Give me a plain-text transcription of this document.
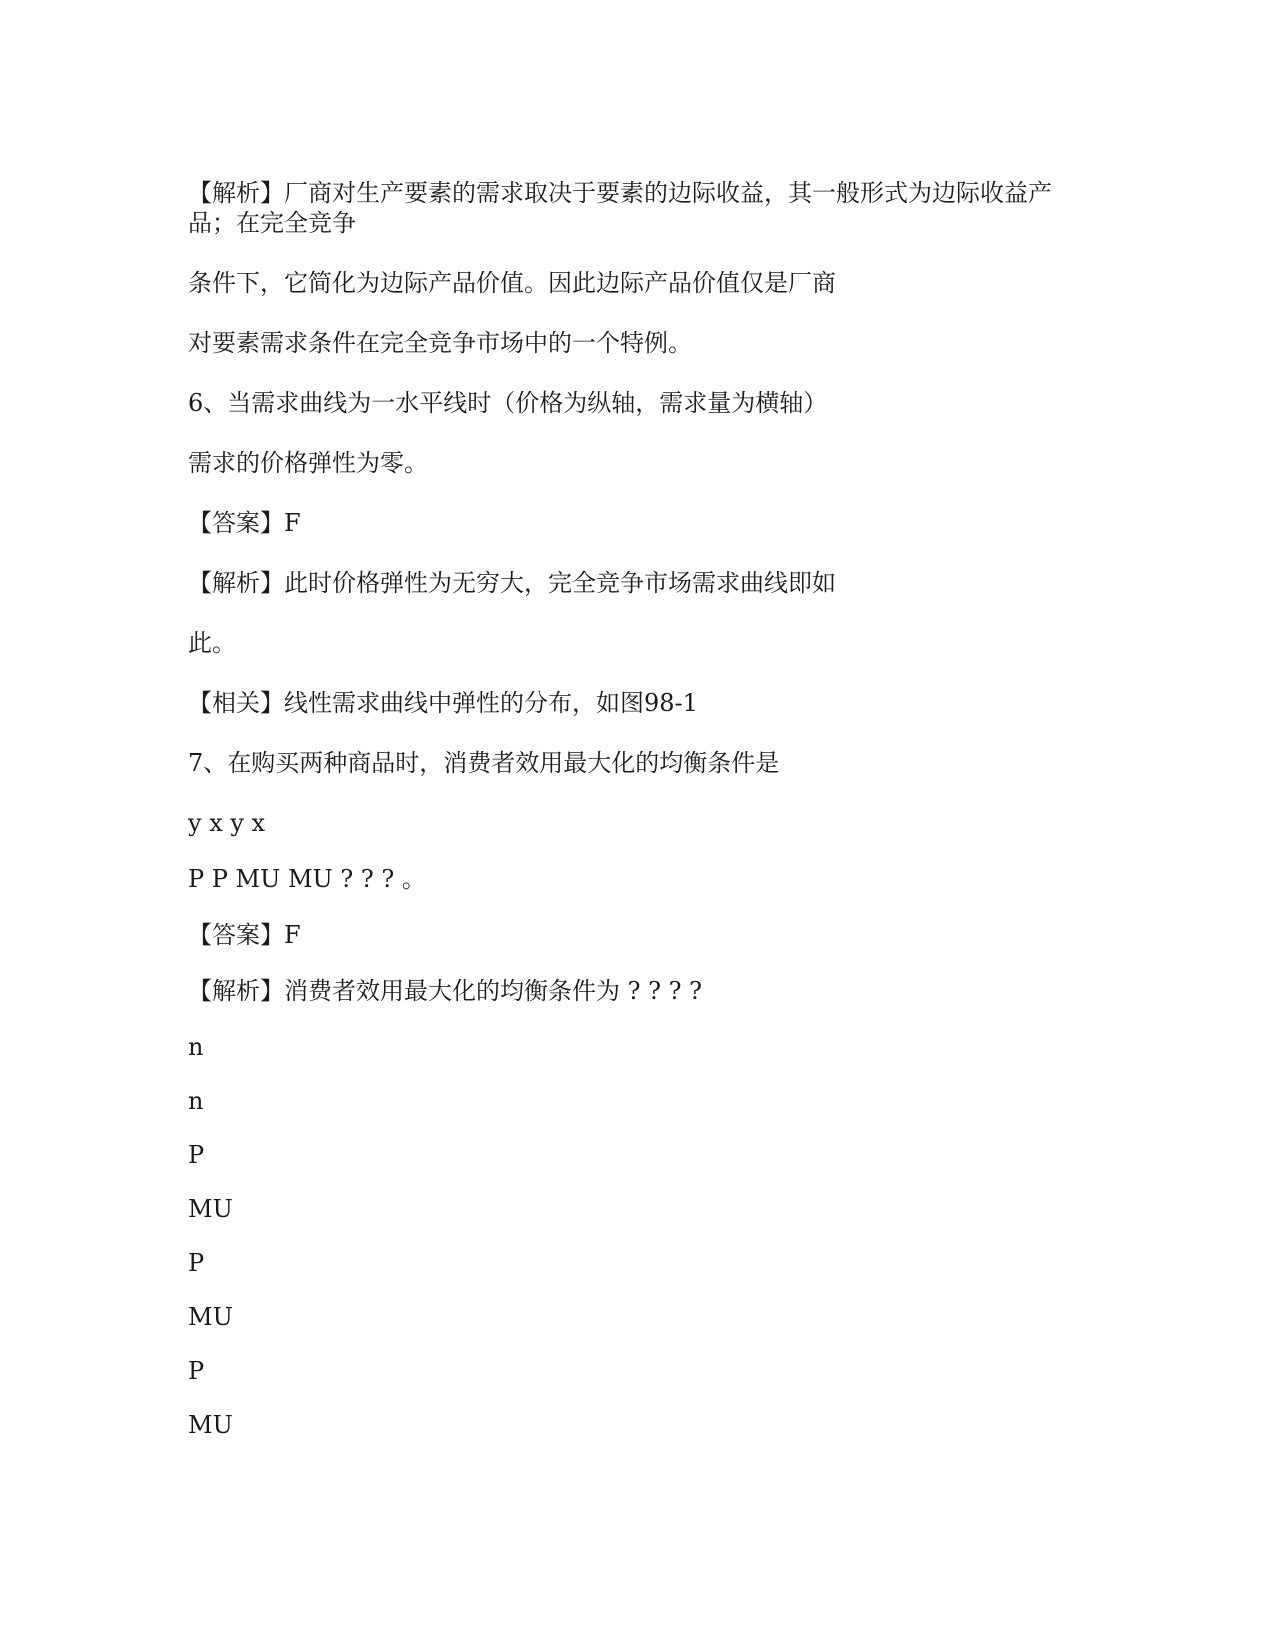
【解析】厂商对生产要素的需求取决于要素的边际收益，其一般形式为边际收益产

品；在完全竞争

条件下，它简化为边际产品价值。因此边际产品价值仅是厂商

对要素需求条件在完全竞争市场中的一个特例。

6、当需求曲线为一水平线时（价格为纵轴，需求量为横轴）

需求的价格弹性为零。

【答案】F

【解析】此时价格弹性为无穷大，完全竞争市场需求曲线即如

此。

【相关】线性需求曲线中弹性的分布，如图98-1

7、在购买两种商品时，消费者效用最大化的均衡条件是

y x y x

P P MU MU ? ? ? 。

【答案】F

【解析】消费者效用最大化的均衡条件为 ? ? ? ?

n

n

P

MU

P

MU

P

MU
